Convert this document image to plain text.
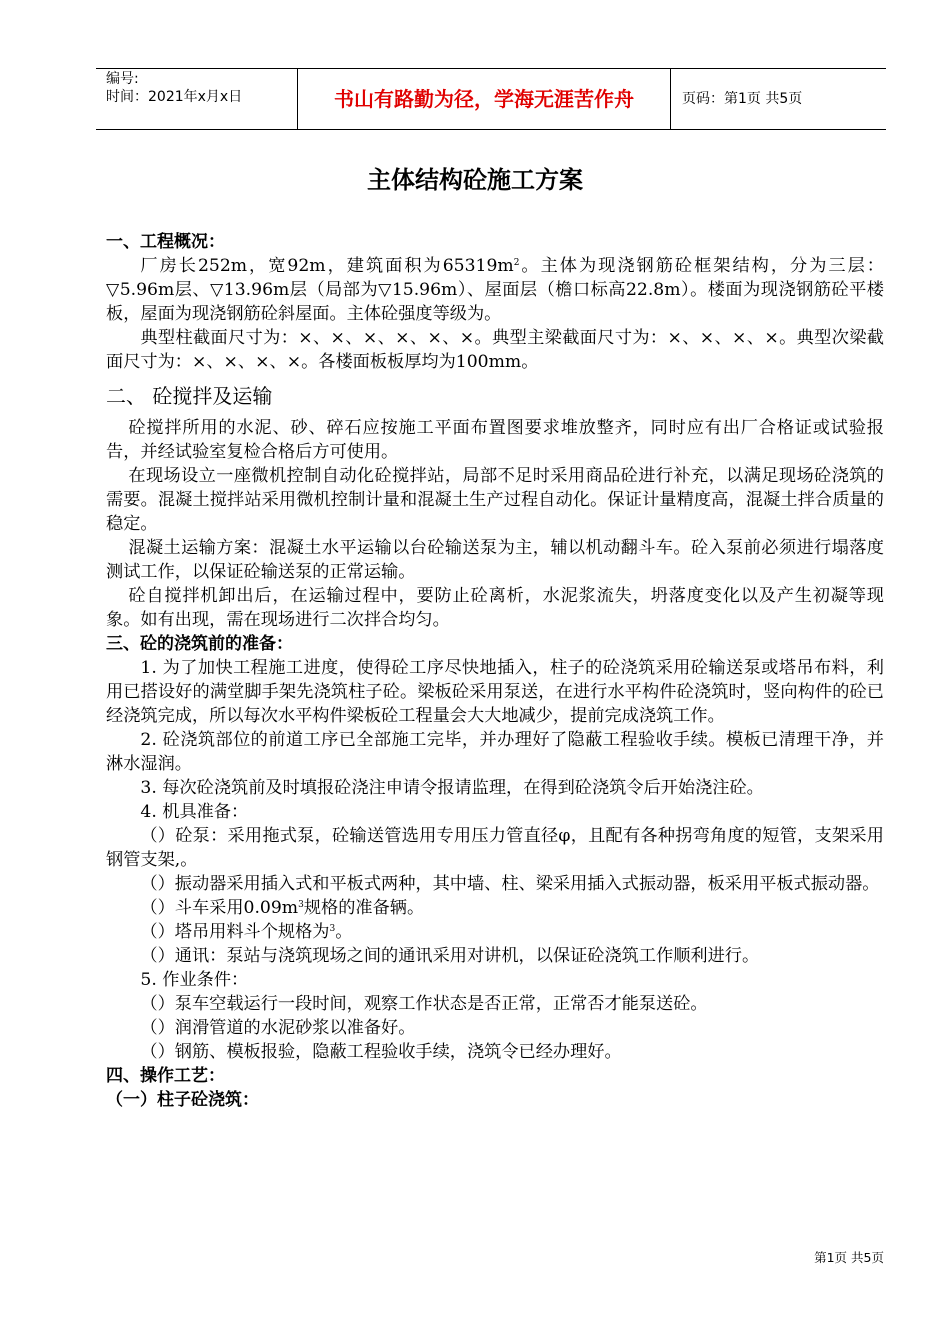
编号:
时间：2021年x月x日	书山有路勤为径，学海无涯苦作舟	页码：第1页 共5页
主体结构砼施工方案

一、工程概况：

厂房长252m，宽92m，建筑面积为$65319m^2$。主体为现浇钢筋砼框架结构，分为三层：▽5.96m层、▽13.96m层（局部为▽15.96m）、屋面层（檐口标高22.8m）。楼面为现浇钢筋砼平楼板，屋面为现浇钢筋砼斜屋面。主体砼强度等级为。

典型柱截面尺寸为：×、×、×、×、×、×。典型主梁截面尺寸为：×、×、×、×。典型次梁截面尺寸为：×、×、×、×。各楼面板板厚均为100mm。

二、 砼搅拌及运输

砼搅拌所用的水泥、砂、碎石应按施工平面布置图要求堆放整齐，同时应有出厂合格证或试验报告，并经试验室复检合格后方可使用。

在现场设立一座微机控制自动化砼搅拌站，局部不足时采用商品砼进行补充，以满足现场砼浇筑的需要。混凝土搅拌站采用微机控制计量和混凝土生产过程自动化。保证计量精度高，混凝土拌合质量的稳定。

混凝土运输方案：混凝土水平运输以台砼输送泵为主，辅以机动翻斗车。砼入泵前必须进行塌落度测试工作，以保证砼输送泵的正常运输。

砼自搅拌机卸出后，在运输过程中，要防止砼离析，水泥浆流失，坍落度变化以及产生初凝等现象。如有出现，需在现场进行二次拌合均匀。

三、砼的浇筑前的准备：

1. 为了加快工程施工进度，使得砼工序尽快地插入，柱子的砼浇筑采用砼输送泵或塔吊布料，利用已搭设好的满堂脚手架先浇筑柱子砼。梁板砼采用泵送，在进行水平构件砼浇筑时，竖向构件的砼已经浇筑完成，所以每次水平构件梁板砼工程量会大大地减少，提前完成浇筑工作。

2. 砼浇筑部位的前道工序已全部施工完毕，并办理好了隐蔽工程验收手续。模板已清理干净，并淋水湿润。

3. 每次砼浇筑前及时填报砼浇注申请令报请监理，在得到砼浇筑令后开始浇注砼。

4. 机具准备：

（）砼泵：采用拖式泵，砼输送管选用专用压力管直径φ，且配有各种拐弯角度的短管，支架采用钢管支架,。

（）振动器采用插入式和平板式两种，其中墙、柱、梁采用插入式振动器，板采用平板式振动器。

（）斗车采用$0.09m^3$规格的准备辆。

（）塔吊用料斗个规格为$^3$。

（）通讯：泵站与浇筑现场之间的通讯采用对讲机，以保证砼浇筑工作顺利进行。

5. 作业条件：

（）泵车空载运行一段时间，观察工作状态是否正常，正常否才能泵送砼。

（）润滑管道的水泥砂浆以准备好。

（）钢筋、模板报验，隐蔽工程验收手续，浇筑令已经办理好。

四、操作工艺：

（一）柱子砼浇筑：

第1页 共5页
